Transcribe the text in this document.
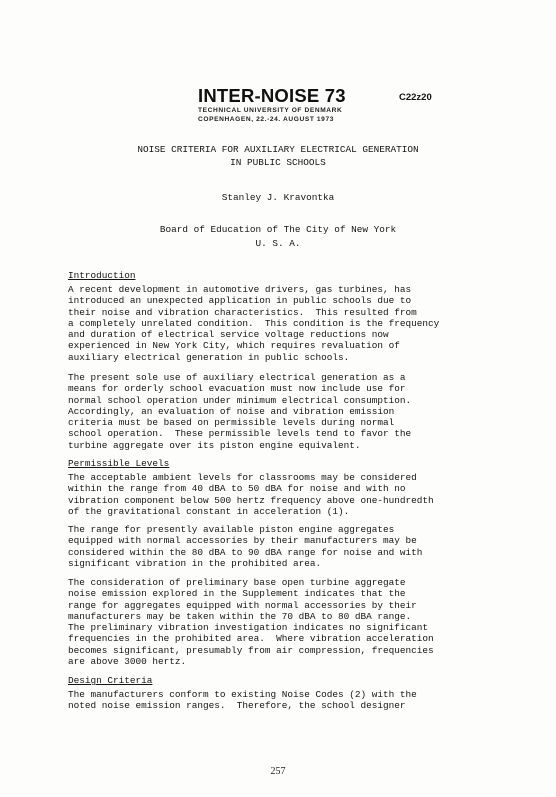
INTER-NOISE 73
TECHNICAL UNIVERSITY OF DENMARK
COPENHAGEN, 22.-24. AUGUST 1973
C22z20
NOISE CRITERIA FOR AUXILIARY ELECTRICAL GENERATION
IN PUBLIC SCHOOLS
Stanley J. Kravontka
Board of Education of The City of New York
U. S. A.
Introduction
A recent development in automotive drivers, gas turbines, has
introduced an unexpected application in public schools due to
their noise and vibration characteristics.  This resulted from
a completely unrelated condition.  This condition is the frequency
and duration of electrical service voltage reductions now
experienced in New York City, which requires revaluation of
auxiliary electrical generation in public schools.
The present sole use of auxiliary electrical generation as a
means for orderly school evacuation must now include use for
normal school operation under minimum electrical consumption.
Accordingly, an evaluation of noise and vibration emission
criteria must be based on permissible levels during normal
school operation.  These permissible levels tend to favor the
turbine aggregate over its piston engine equivalent.
Permissible Levels
The acceptable ambient levels for classrooms may be considered
within the range from 40 dBA to 50 dBA for noise and with no
vibration component below 500 hertz frequency above one-hundredth
of the gravitational constant in acceleration (1).
The range for presently available piston engine aggregates
equipped with normal accessories by their manufacturers may be
considered within the 80 dBA to 90 dBA range for noise and with
significant vibration in the prohibited area.
The consideration of preliminary base open turbine aggregate
noise emission explored in the Supplement indicates that the
range for aggregates equipped with normal accessories by their
manufacturers may be taken within the 70 dBA to 80 dBA range.
The preliminary vibration investigation indicates no significant
frequencies in the prohibited area.  Where vibration acceleration
becomes significant, presumably from air compression, frequencies
are above 3000 hertz.
Design Criteria
The manufacturers conform to existing Noise Codes (2) with the
noted noise emission ranges.  Therefore, the school designer
257
